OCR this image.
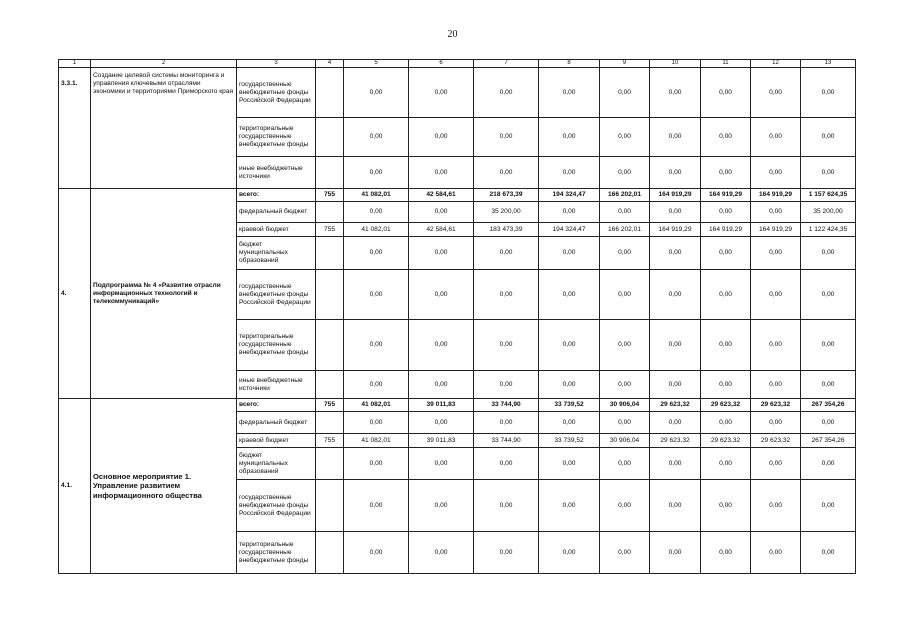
20
1	2	3	4	5	6	7	8	9	10	11	12	13
3.3.1.	Создание целевой системы мониторинга и управления ключевыми отраслями экономики и территориями Приморского края	государственные внебюджетные фонды Российской Федерации		0,00	0,00	0,00	0,00	0,00	0,00	0,00	0,00	0,00
		территориальные государственные внебюджетные фонды		0,00	0,00	0,00	0,00	0,00	0,00	0,00	0,00	0,00
		иные внебюджетные источники		0,00	0,00	0,00	0,00	0,00	0,00	0,00	0,00	0,00
4.	Подпрограмма № 4 «Развитие отрасли информационных технологий и телекоммуникаций»	всего:	755	41 082,01	42 584,61	218 673,39	194 324,47	166 202,01	164 919,29	164 919,29	164 919,29	1 157 624,35
		федеральный бюджет		0,00	0,00	35 200,00	0,00	0,00	0,00	0,00	0,00	35 200,00
		краевой бюджет	755	41 082,01	42 584,61	183 473,39	194 324,47	166 202,01	164 919,29	164 919,29	164 919,29	1 122 424,35
		бюджет муниципальных образований		0,00	0,00	0,00	0,00	0,00	0,00	0,00	0,00	0,00
		государственные внебюджетные фонды Российской Федерации		0,00	0,00	0,00	0,00	0,00	0,00	0,00	0,00	0,00
		территориальные государственные внебюджетные фонды		0,00	0,00	0,00	0,00	0,00	0,00	0,00	0,00	0,00
		иные внебюджетные источники		0,00	0,00	0,00	0,00	0,00	0,00	0,00	0,00	0,00
4.1.	Основное мероприятие 1. Управление развитием информационного общества	всего:	755	41 082,01	39 011,83	33 744,90	33 739,52	30 906,04	29 623,32	29 623,32	29 623,32	267 354,26
		федеральный бюджет		0,00	0,00	0,00	0,00	0,00	0,00	0,00	0,00	0,00
		краевой бюджет	755	41 082,01	39 011,83	33 744,90	33 739,52	30 906,04	29 623,32	29 623,32	29 623,32	267 354,26
		бюджет муниципальных образований		0,00	0,00	0,00	0,00	0,00	0,00	0,00	0,00	0,00
		государственные внебюджетные фонды Российской Федерации		0,00	0,00	0,00	0,00	0,00	0,00	0,00	0,00	0,00
		территориальные государственные внебюджетные фонды		0,00	0,00	0,00	0,00	0,00	0,00	0,00	0,00	0,00
